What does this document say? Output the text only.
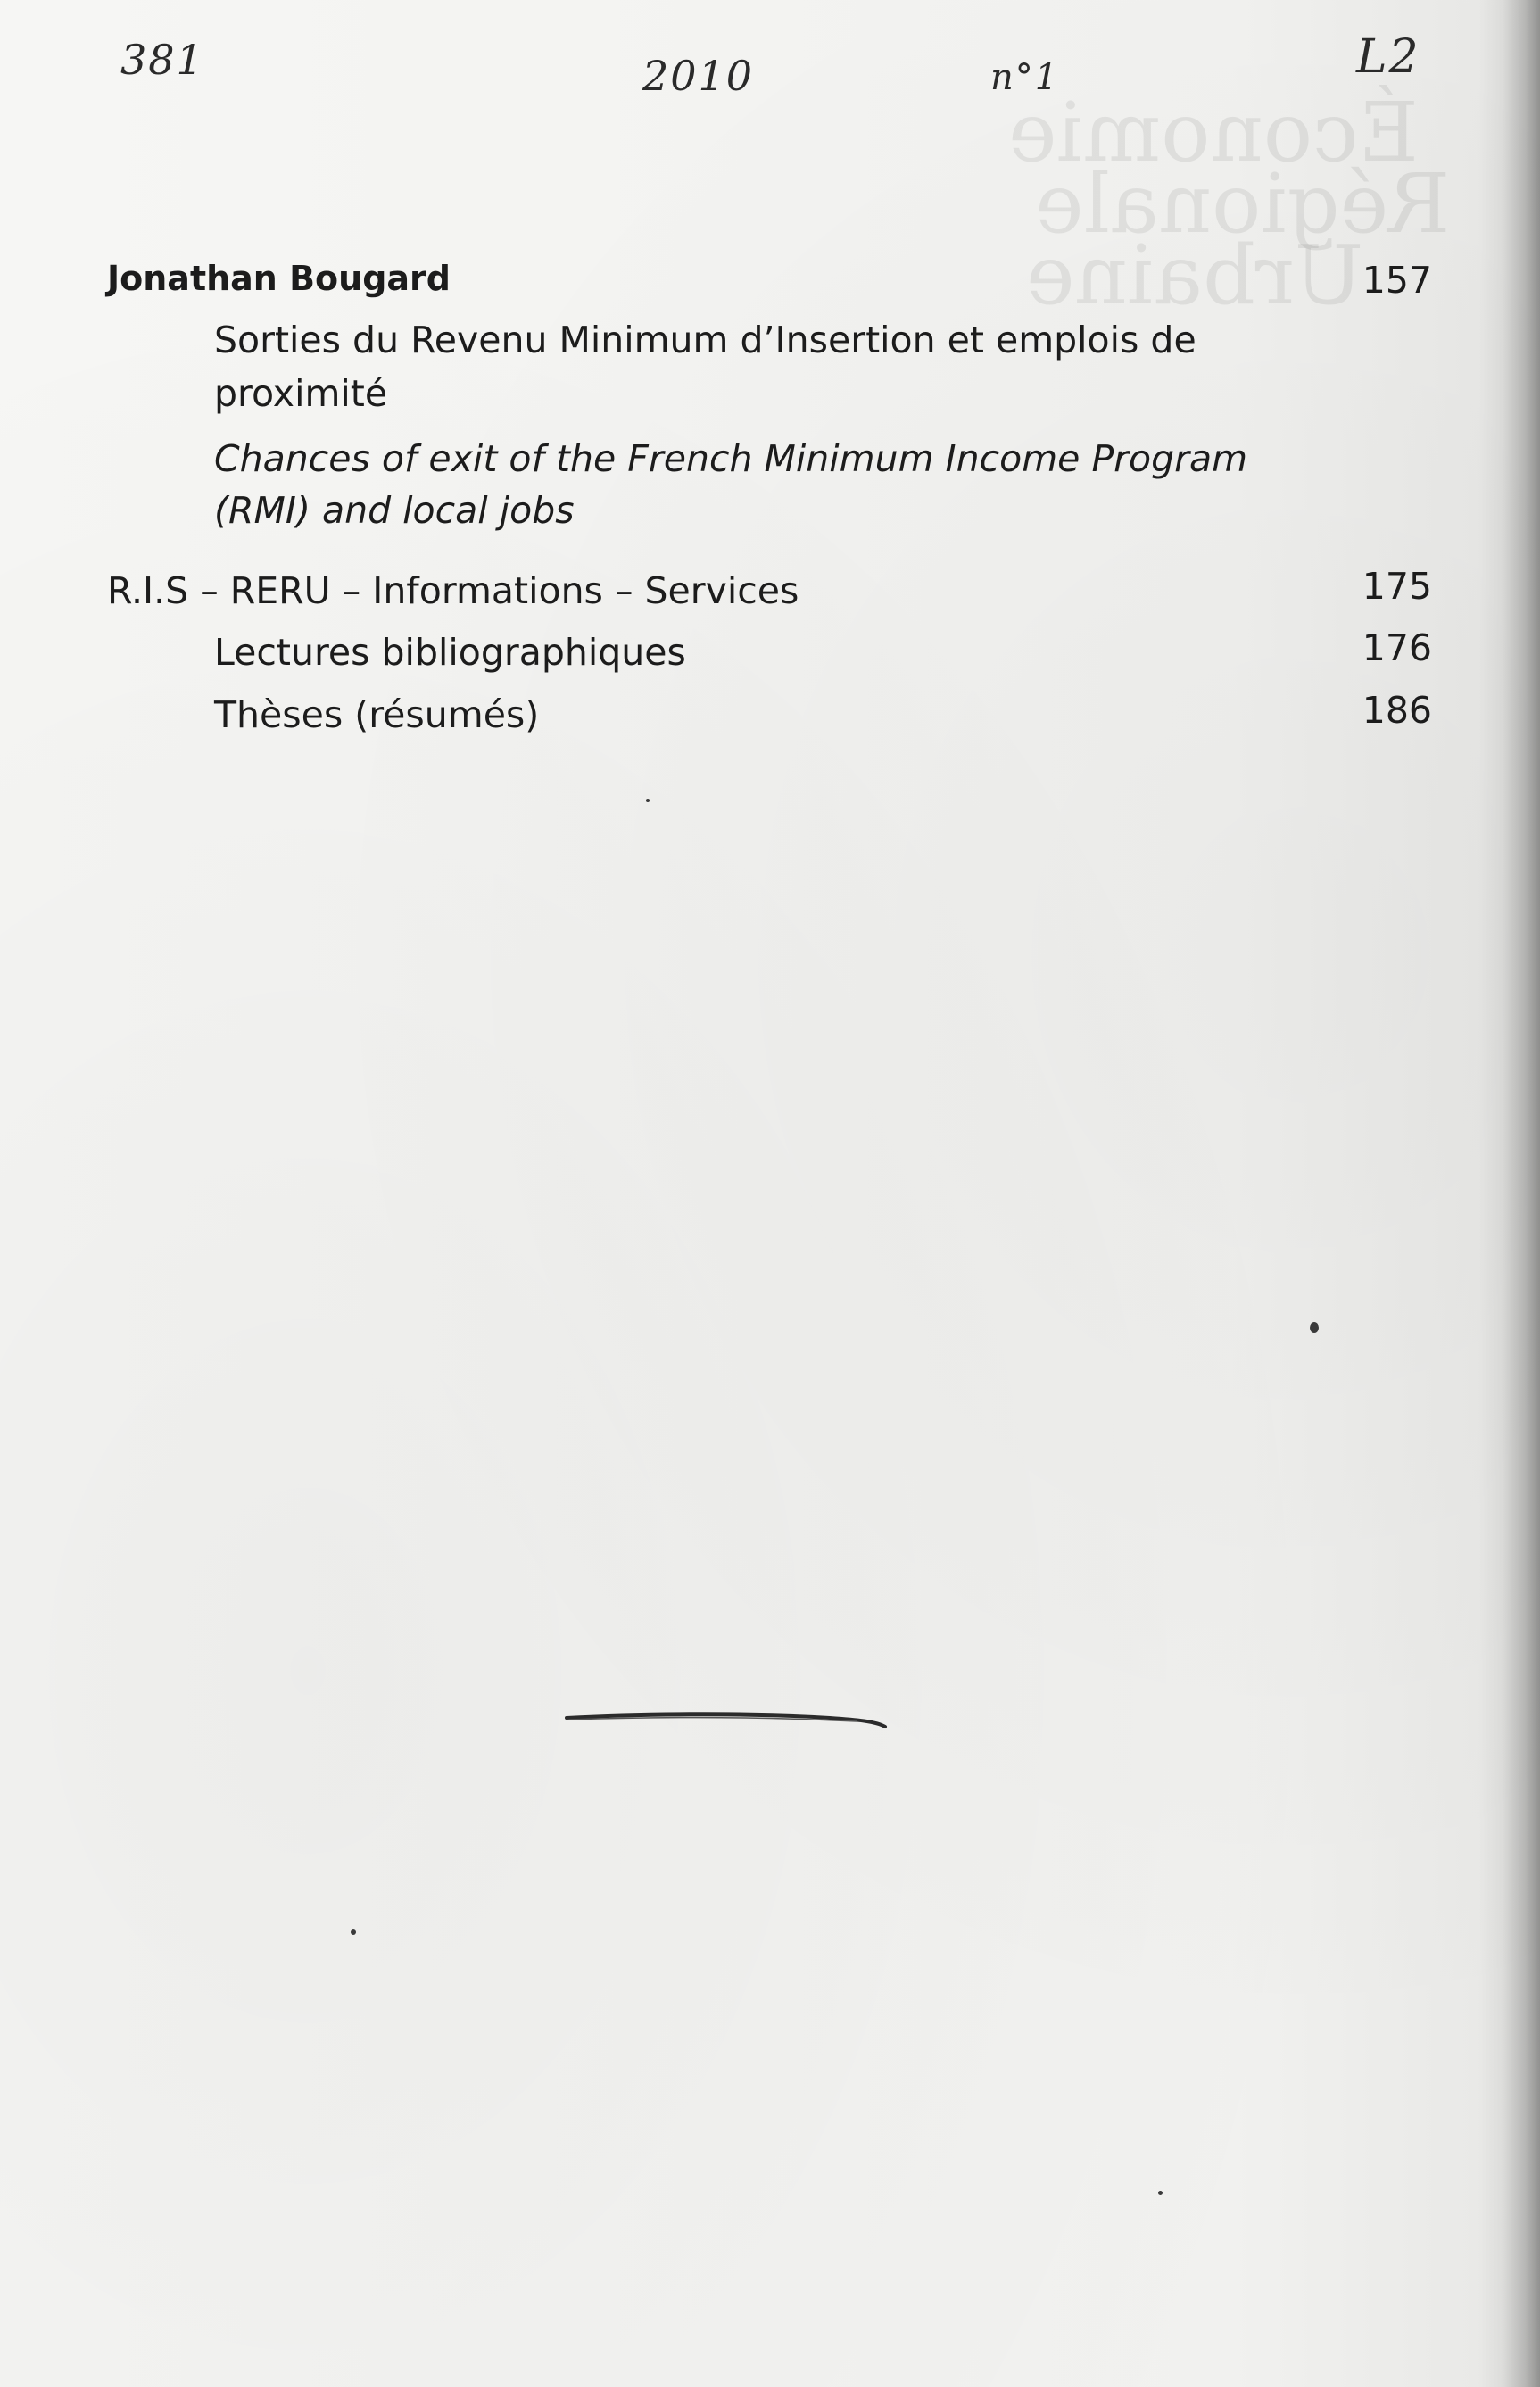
Économie
Régionale
Urbaine
381	2010	n°1	L2
Jonathan Bougard	157
Sorties du Revenu Minimum d’Insertion et emplois de
proximité
Chances of exit of the French Minimum Income Program
(RMI) and local jobs
R.I.S – RERU – Informations – Services	175
Lectures bibliographiques	176
Thèses (résumés)	186
